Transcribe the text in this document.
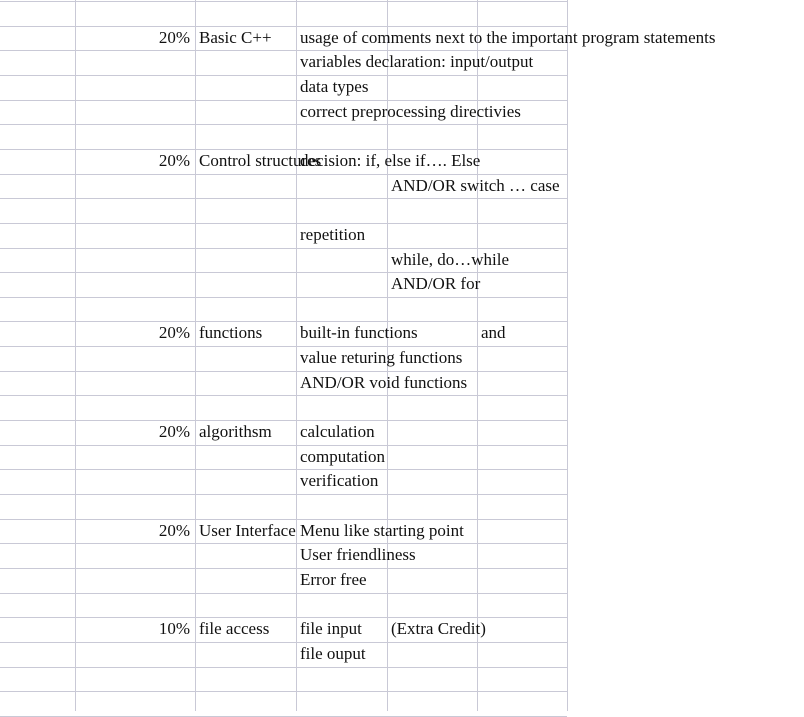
20% Basic C++ usage of comments next to the important program statements
variables declaration: input/output
data types
correct preprocessing directivies
20% Control structures
decision: if, else if…. Else
AND/OR switch … case
repetition
while, do…while
AND/OR for
20% functions built-in functions	and
value returing functions
AND/OR void functions
20% algorithsm calculation
computation
verification
20% User Interface Menu like starting point
User friendliness
Error free
10% file access file input (Extra Credit)
file ouput
